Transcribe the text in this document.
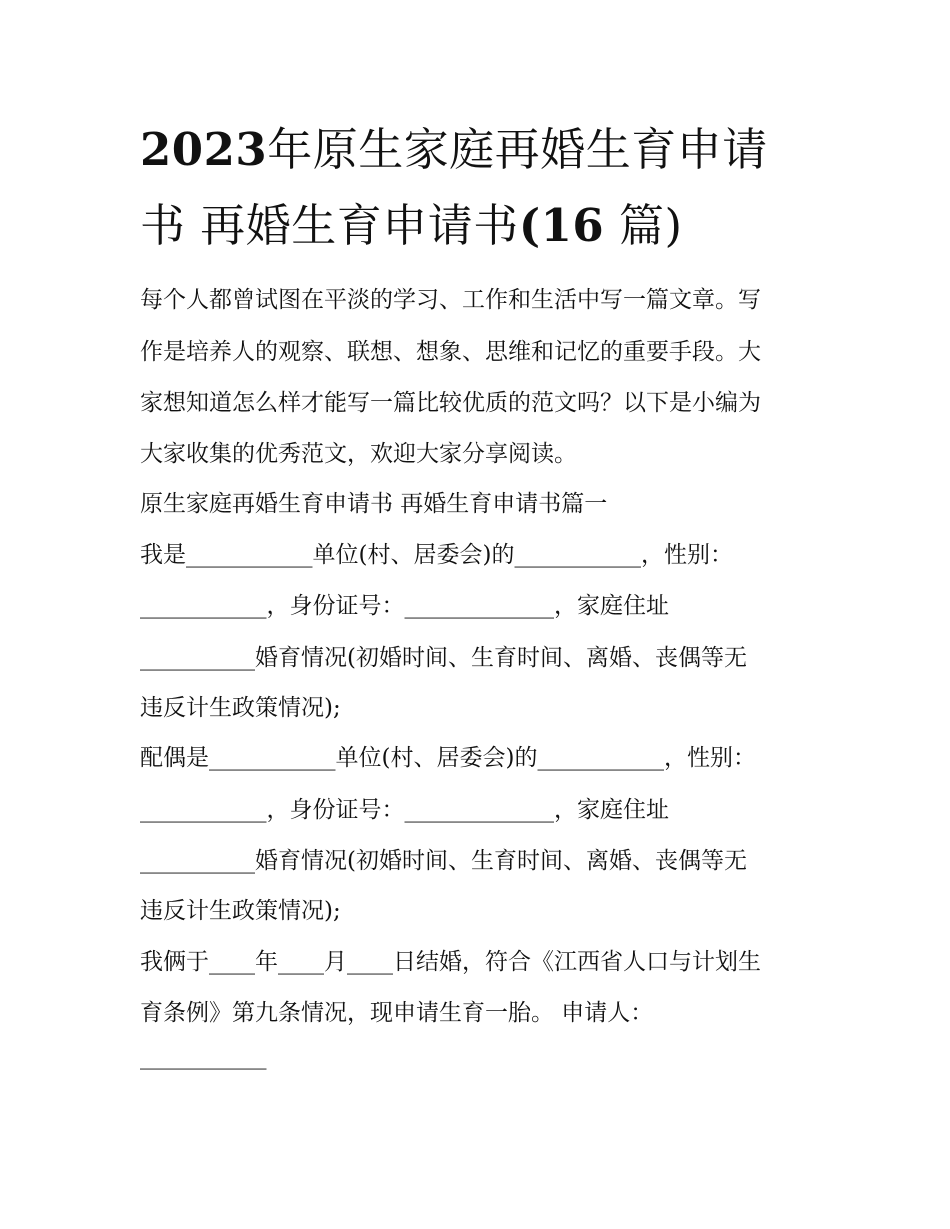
2023年原生家庭再婚生育申请
书 再婚生育申请书(16 篇)

每个人都曾试图在平淡的学习、工作和生活中写一篇文章。写

作是培养人的观察、联想、想象、思维和记忆的重要手段。大

家想知道怎么样才能写一篇比较优质的范文吗？以下是小编为

大家收集的优秀范文，欢迎大家分享阅读。

原生家庭再婚生育申请书 再婚生育申请书篇一

我是___________单位(村、居委会)的___________，性别：

___________，身份证号：_____________，家庭住址

__________婚育情况(初婚时间、生育时间、离婚、丧偶等无

违反计生政策情况);

配偶是___________单位(村、居委会)的___________，性别：

___________，身份证号：_____________，家庭住址

__________婚育情况(初婚时间、生育时间、离婚、丧偶等无

违反计生政策情况);

我俩于____年____月____日结婚，符合《江西省人口与计划生

育条例》第九条情况，现申请生育一胎。 申请人：

___________
